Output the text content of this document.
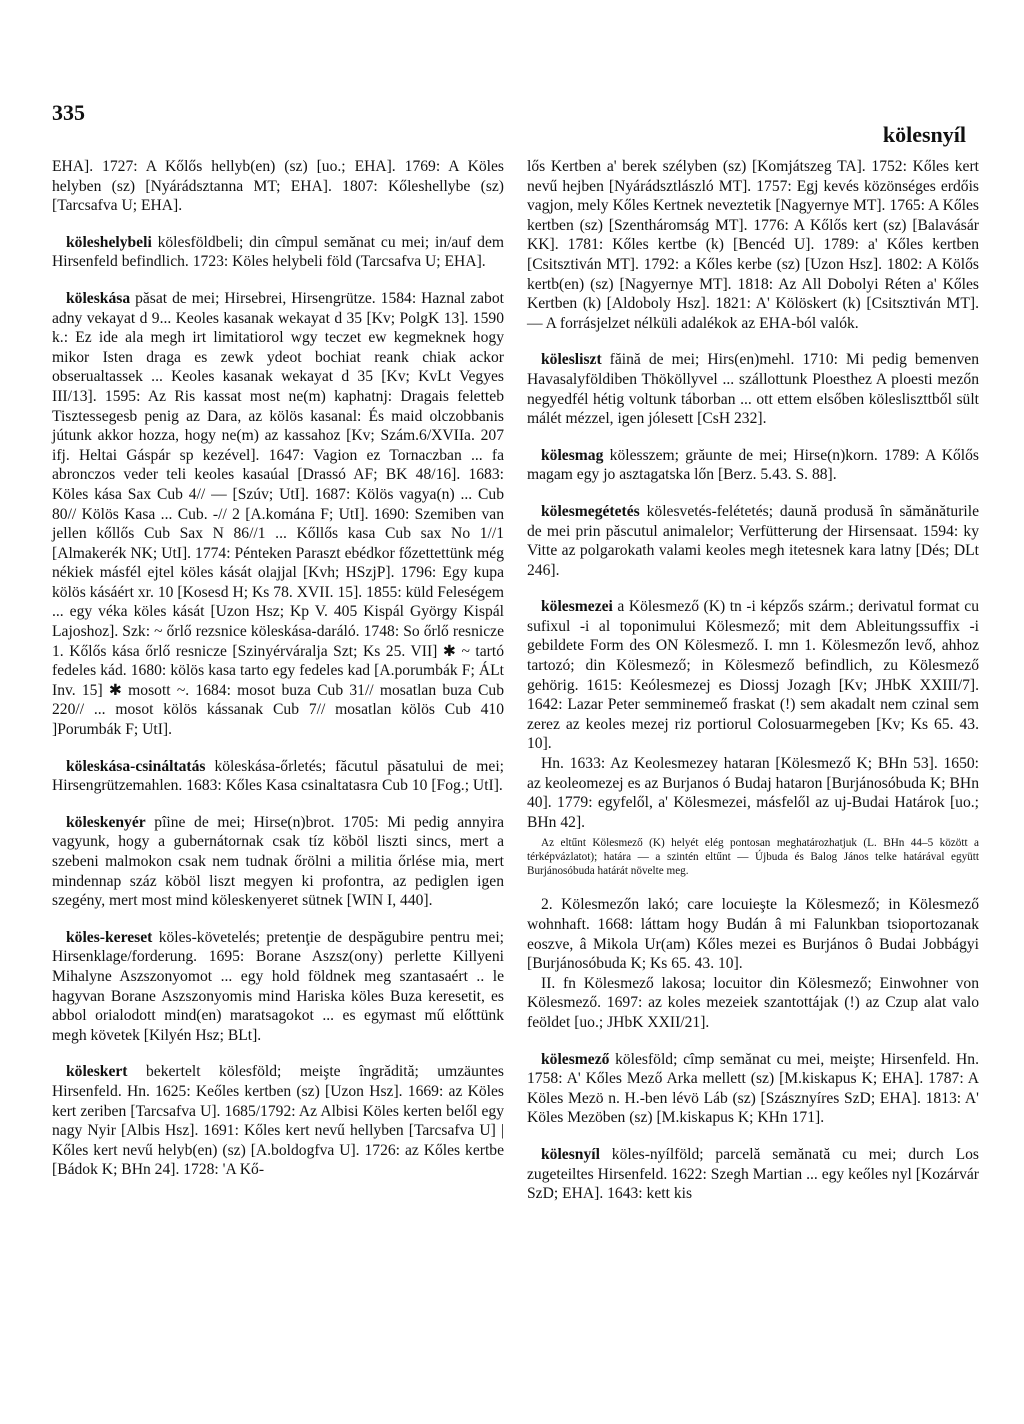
335
kölesnyíl

EHA]. 1727: A Kőlős hellyb(en) (sz) [uo.; EHA]. 1769: A Köles helyben (sz) [Nyárádsztanna MT; EHA]. 1807: Kőleshellybe (sz) [Tarcsafva U; EHA].

köleshelybeli kölesföldbeli; din cîmpul semănat cu mei; in/auf dem Hirsenfeld befindlich. 1723: Köles helybeli föld (Tarcsafva U; EHA].

köleskása păsat de mei; Hirsebrei, Hirsengrütze. 1584: Haznal zabot adny vekayat d 9... Keoles kasanak wekayat d 35 [Kv; PolgK 13]. 1590 k.: Ez ide ala megh irt limitatiorol wgy teczet ew kegmeknek hogy mikor Isten draga es zewk ydeot bochiat reank chiak ackor obserualtassek ... Keoles kasanak wekayat d 35 [Kv; KvLt Vegyes III/13]. 1595: Az Ris kassat most ne(m) kaphatnj: Dragais feletteb Tisztessegesb penig az Dara, az kölös kasanal: És maid olczobbanis jútunk akkor hozza, hogy ne(m) az kassahoz [Kv; Szám.6/XVIIa. 207 ifj. Heltai Gáspár sp kezével]. 1647: Vagion ez Tornaczban ... fa abronczos veder teli keoles kasaúal [Drassó AF; BK 48/16]. 1683: Köles kása Sax Cub 4// — [Szúv; UtI]. 1687: Kölös vagya(n) ... Cub 80// Kölös Kasa ... Cub. -// 2 [A.komána F; UtI]. 1690: Szemiben van jellen kőllős Cub Sax N 86//1 ... Kőllős kasa Cub sax No 1//1 [Almakerék NK; UtI]. 1774: Pénteken Paraszt ebédkor főzettettünk még nékiek másfél ejtel köles kását olajjal [Kvh; HSzjP]. 1796: Egy kupa kölös kásáért xr. 10 [Kosesd H; Ks 78. XVII. 15]. 1855: küld Feleségem ... egy véka köles kását [Uzon Hsz; Kp V. 405 Kispál György Kispál Lajoshoz]. Szk: ~ őrlő rezsnice köleskása-daráló. 1748: So őrlő resnicze 1. Kőlős kása őrlő resnicze [Szinyérváralja Szt; Ks 25. VII] ✱ ~ tartó fedeles kád. 1680: kölös kasa tarto egy fedeles kad [A.porumbák F; ÁLt Inv. 15] ✱ mosott ~. 1684: mosot buza Cub 31// mosatlan buza Cub 220// ... mosot kölös kássanak Cub 7// mosatlan kölös Cub 410 ]Porumbák F; UtI].

köleskása-csináltatás köleskása-őrletés; făcutul păsatului de mei; Hirsengrützemahlen. 1683: Kőles Kasa csinaltatasra Cub 10 [Fog.; UtI].

köleskenyér pîine de mei; Hirse(n)brot. 1705: Mi pedig annyira vagyunk, hogy a gubernátornak csak tíz köböl liszti sincs, mert a szebeni malmokon csak nem tudnak őrölni a militia őrlése mia, mert mindennap száz köböl liszt megyen ki profontra, az pediglen igen szegény, mert most mind köleskenyeret sütnek [WIN I, 440].

köles-kereset köles-követelés; pretenţie de despăgubire pentru mei; Hirsenklage/forderung. 1695: Borane Aszsz(ony) perlette Killyeni Mihalyne Aszszonyomot ... egy hold földnek meg szantasaért .. le hagyvan Borane Aszszonyomis mind Hariska köles Buza keresetit, es abbol orialodott mind(en) maratsagokot ... es egymast mű előttünk megh követek [Kilyén Hsz; BLt].

köleskert bekertelt kölesföld; meişte îngrădită; umzäuntes Hirsenfeld. Hn. 1625: Keőles kertben (sz) [Uzon Hsz]. 1669: az Köles kert zeriben [Tarcsafva U]. 1685/1792: Az Albisi Köles kerten belől egy nagy Nyir [Albis Hsz]. 1691: Kőles kert nevű hellyben [Tarcsafva U] | Kőles kert nevű helyb(en) (sz) [A.boldogfva U]. 1726: az Kőles kertbe [Bádok K; BHn 24]. 1728: 'A Kő-

lős Kertben a' berek szélyben (sz) [Komjátszeg TA]. 1752: Kőles kert nevű hejben [Nyárádsztlászló MT]. 1757: Egj kevés közönséges erdőis vagjon, mely Kőles Kertnek neveztetik [Nagyernye MT]. 1765: A Kőles kertben (sz) [Szentháromság MT]. 1776: A Kőlős kert (sz) [Balavásár KK]. 1781: Kőles kertbe (k) [Bencéd U]. 1789: a' Kőles kertben [Csitsztiván MT]. 1792: a Kőles kerbe (sz) [Uzon Hsz]. 1802: A Kölős kertb(en) (sz) [Nagyernye MT]. 1818: Az All Dobolyi Réten a' Kőles Kertben (k) [Aldoboly Hsz]. 1821: A' Kölöskert (k) [Csitsztiván MT]. — A forrásjelzet nélküli adalékok az EHA-ból valók.

kölesliszt făină de mei; Hirs(en)mehl. 1710: Mi pedig bemenven Havasalyföldiben Thököllyvel ... szállottunk Ploesthez A ploesti mezőn negyedfél hétig voltunk táborban ... ott ettem elsőben kölesliszttből sült málét mézzel, igen jólesett [CsH 232].

kölesmag kölesszem; grăunte de mei; Hirse(n)korn. 1789: A Kőlős magam egy jo asztagatska lőn [Berz. 5.43. S. 88].

kölesmegétetés kölesvetés-felétetés; daună produsă în sămănăturile de mei prin păscutul animalelor; Verfütterung der Hirsensaat. 1594: ky Vitte az polgarokath valami keoles megh itetesnek kara latny [Dés; DLt 246].

kölesmezei a Kölesmező (K) tn -i képzős szárm.; derivatul format cu sufixul -i al toponimului Kölesmező; mit dem Ableitungssuffix -i gebildete Form des ON Kölesmező. I. mn 1. Kölesmezőn levő, ahhoz tartozó; din Kölesmező; in Kölesmező befindlich, zu Kölesmező gehörig. 1615: Keólesmezej es Diossj Jozagh [Kv; JHbK XXIII/7]. 1642: Lazar Peter semminemeő fraskat (!) sem akadalt nem czinal sem zerez az keoles mezej riz portiorul Colosuarmegeben [Kv; Ks 65. 43. 10].

Hn. 1633: Az Keolesmezey hataran [Kölesmező K; BHn 53]. 1650: az keoleomezej es az Burjanos ó Budaj hataron [Burjánosóbuda K; BHn 40]. 1779: egyfelől, a' Kölesmezei, másfelől az uj-Budai Határok [uo.; BHn 42].

Az eltűnt Kölesmező (K) helyét elég pontosan meghatározhatjuk (L. BHn 44–5 között a térképvázlatot); határa — a szintén eltűnt — Újbuda és Balog János telke határával együtt Burjánosóbuda határát növelte meg.

2. Kölesmezőn lakó; care locuieşte la Kölesmező; in Kölesmező wohnhaft. 1668: láttam hogy Budán â mi Falunkban tsioportozanak eoszve, â Mikola Ur(am) Kőles mezei es Burjános ô Budai Jobbágyi [Burjánosóbuda K; Ks 65. 43. 10].

II. fn Kölesmező lakosa; locuitor din Kölesmező; Einwohner von Kölesmező. 1697: az koles mezeiek szantottájak (!) az Czup alat valo feöldet [uo.; JHbK XXII/21].

kölesmező kölesföld; cîmp semănat cu mei, meişte; Hirsenfeld. Hn. 1758: A' Kőles Mező Arka mellett (sz) [M.kiskapus K; EHA]. 1787: A Köles Mezö n. H.-ben lévö Láb (sz) [Szásznyíres SzD; EHA]. 1813: A' Köles Mezöben (sz) [M.kiskapus K; KHn 171].

kölesnyíl köles-nyílföld; parcelă semănată cu mei; durch Los zugeteiltes Hirsenfeld. 1622: Szegh Martian ... egy keőles nyl [Kozárvár SzD; EHA]. 1643: kett kis
